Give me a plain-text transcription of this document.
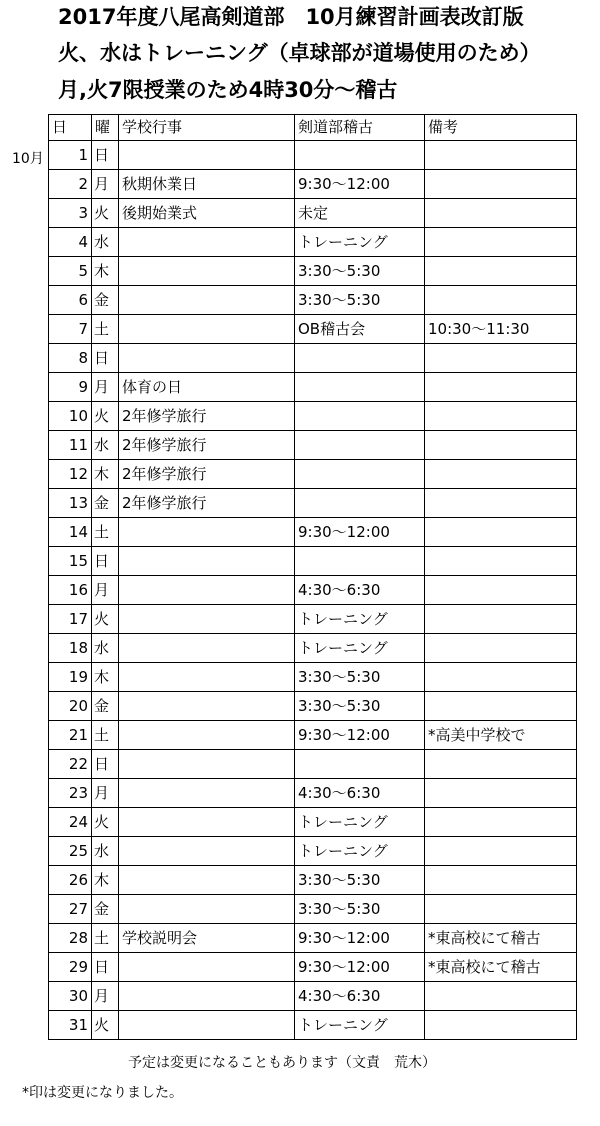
2017年度八尾高剣道部　10月練習計画表改訂版
火、水はトレーニング（卓球部が道場使用のため）
月,火7限授業のため4時30分～稽古
10月
日	曜	学校行事	剣道部稽古	備考
1	日			
2	月	秋期休業日	9:30～12:00	
3	火	後期始業式	未定	
4	水		トレーニング	
5	木		3:30～5:30	
6	金		3:30～5:30	
7	土		OB稽古会	10:30～11:30
8	日			
9	月	体育の日		
10	火	2年修学旅行		
11	水	2年修学旅行		
12	木	2年修学旅行		
13	金	2年修学旅行		
14	土		9:30～12:00	
15	日			
16	月		4:30～6:30	
17	火		トレーニング	
18	水		トレーニング	
19	木		3:30～5:30	
20	金		3:30～5:30	
21	土		9:30～12:00	*高美中学校で
22	日			
23	月		4:30～6:30	
24	火		トレーニング	
25	水		トレーニング	
26	木		3:30～5:30	
27	金		3:30～5:30	
28	土	学校説明会	9:30～12:00	*東高校にて稽古
29	日		9:30～12:00	*東高校にて稽古
30	月		4:30～6:30	
31	火		トレーニング	
予定は変更になることもあります（文責　荒木）
*印は変更になりました。
